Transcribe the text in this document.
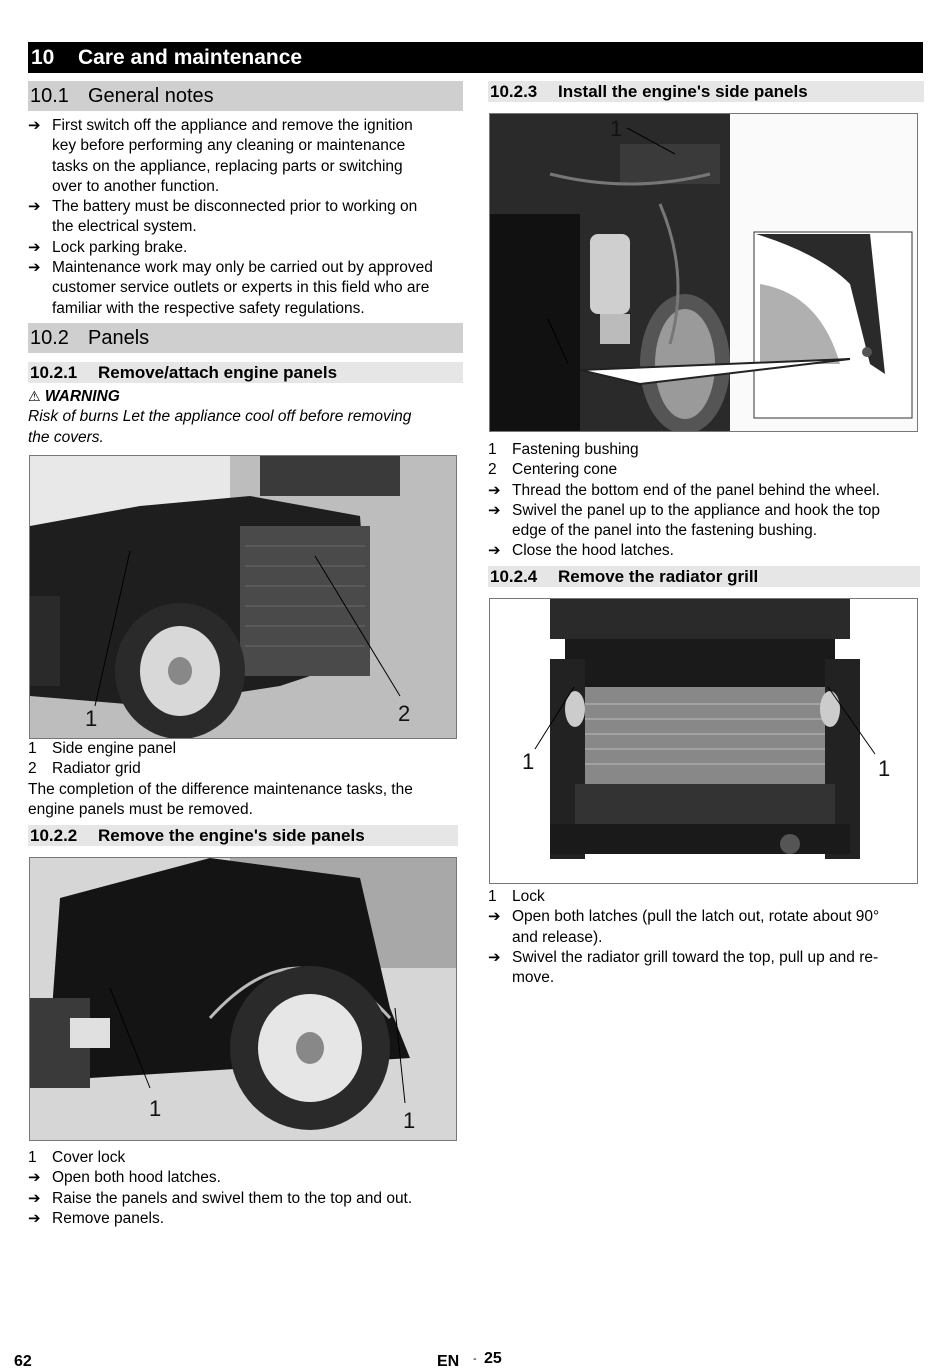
10 Care and maintenance
10.1 General notes
➔ First switch off the appliance and remove the ignition
key before performing any cleaning or maintenance
tasks on the appliance, replacing parts or switching
over to another function.
➔ The battery must be disconnected prior to working on
the electrical system.
➔ Lock parking brake.
➔ Maintenance work may only be carried out by approved
customer service outlets or experts in this field who are
familiar with the respective safety regulations.
10.2 Panels
10.2.1 Remove/attach engine panels
⚠ WARNING
Risk of burns Let the appliance cool off before removing
the covers.
1	2
1 Side engine panel
2 Radiator grid
The completion of the difference maintenance tasks, the
engine panels must be removed.
10.2.2 Remove the engine's side panels
1	1
1 Cover lock
➔ Open both hood latches.
➔ Raise the panels and swivel them to the top and out.
➔ Remove panels.
10.2.3 Install the engine's side panels
1
2
1 Fastening bushing
2 Centering cone
➔ Thread the bottom end of the panel behind the wheel.
➔ Swivel the panel up to the appliance and hook the top
edge of the panel into the fastening bushing.
➔ Close the hood latches.
10.2.4 Remove the radiator grill
1	1
1 Lock
➔ Open both latches (pull the latch out, rotate about 90°
and release).
➔ Swivel the radiator grill toward the top, pull up and re-
move.
62	EN - 25
